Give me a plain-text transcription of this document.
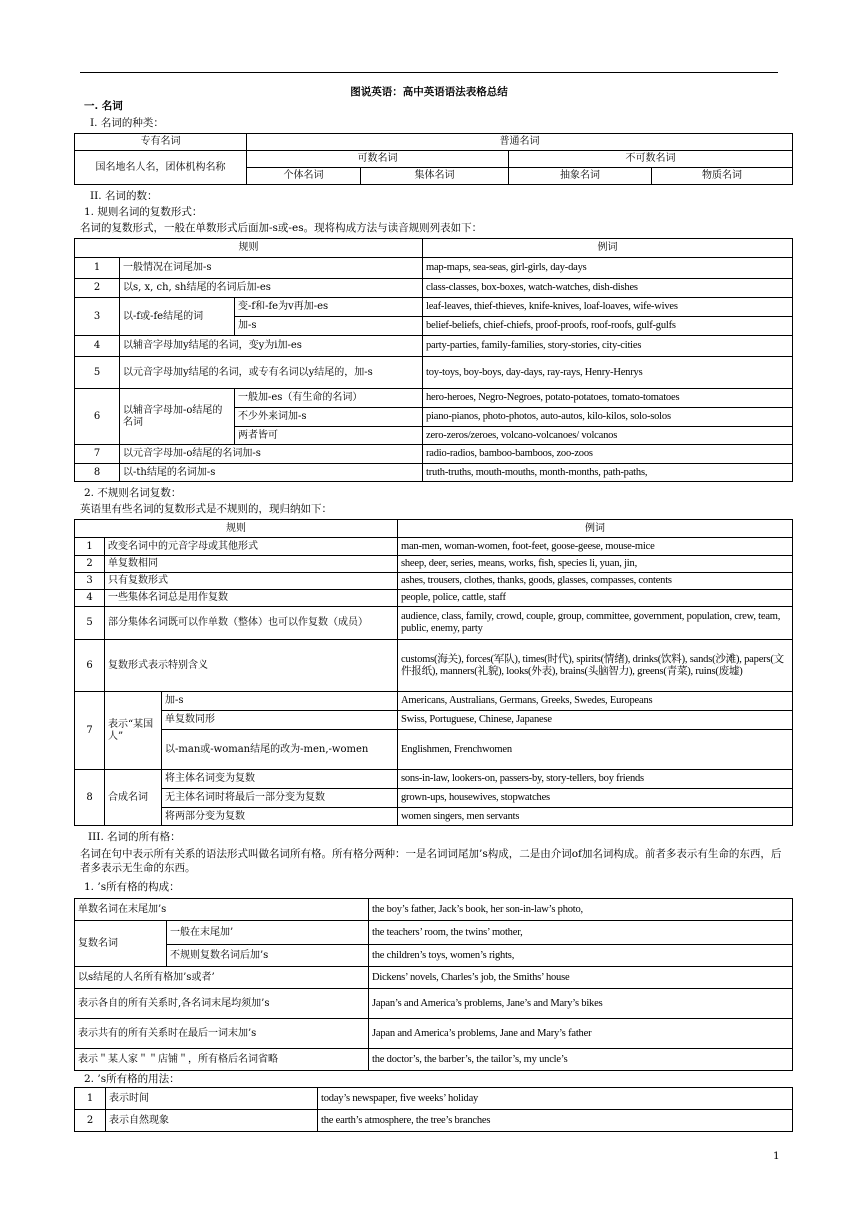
图说英语：高中英语语法表格总结
一. 名词
I. 名词的种类：
专有名词	普通名词			
国名地名人名，团体机构名称	可数名词		不可数名词	
	个体名词	集体名词	抽象名词	物质名词
II. 名词的数：
1. 规则名词的复数形式：
名词的复数形式，一般在单数形式后面加-s或-es。现将构成方法与读音规则列表如下：
规则			例词
1	一般情况在词尾加-s		map-maps, sea-seas, girl-girls, day-days
2	以s, x, ch, sh结尾的名词后加-es		class-classes, box-boxes, watch-watches, dish-dishes
3	以-f或-fe结尾的词	变-f和-fe为v再加-es	leaf-leaves, thief-thieves, knife-knives, loaf-loaves, wife-wives
		加-s	belief-beliefs, chief-chiefs, proof-proofs, roof-roofs, gulf-gulfs
4	以辅音字母加y结尾的名词，变y为i加-es		party-parties, family-families, story-stories, city-cities
5	以元音字母加y结尾的名词，或专有名词以y结尾的，加-s		toy-toys, boy-boys, day-days, ray-rays, Henry-Henrys
6	以辅音字母加-o结尾的名词	一般加-es（有生命的名词）	hero-heroes, Negro-Negroes, potato-potatoes, tomato-tomatoes
		不少外来词加-s	piano-pianos, photo-photos, auto-autos, kilo-kilos, solo-solos
		两者皆可	zero-zeros/zeroes, volcano-volcanoes/ volcanos
7	以元音字母加-o结尾的名词加-s		radio-radios, bamboo-bamboos, zoo-zoos
8	以-th结尾的名词加-s		truth-truths, mouth-mouths, month-months, path-paths,
2. 不规则名词复数：
英语里有些名词的复数形式是不规则的，现归纳如下：
规则			例词
1	改变名词中的元音字母或其他形式		man-men, woman-women, foot-feet, goose-geese, mouse-mice
2	单复数相同		sheep, deer, series, means, works, fish, species li, yuan, jin,
3	只有复数形式		ashes, trousers, clothes, thanks, goods, glasses, compasses, contents
4	一些集体名词总是用作复数		people, police, cattle, staff
5	部分集体名词既可以作单数（整体）也可以作复数（成员）		audience, class, family, crowd, couple, group, committee, government, population, crew, team, public, enemy, party
6	复数形式表示特别含义		customs(海关), forces(军队), times(时代), spirits(情绪), drinks(饮料), sands(沙滩), papers(文件报纸), manners(礼貌), looks(外表), brains(头脑智力), greens(青菜), ruins(废墟)
7	表示“某国人”	加-s	Americans, Australians, Germans, Greeks, Swedes, Europeans
		单复数同形	Swiss, Portuguese, Chinese, Japanese
		以-man或-woman结尾的改为-men,-women	Englishmen, Frenchwomen
8	合成名词	将主体名词变为复数	sons-in-law, lookers-on, passers-by, story-tellers, boy friends
		无主体名词时将最后一部分变为复数	grown-ups, housewives, stopwatches
		将两部分变为复数	women singers, men servants
III. 名词的所有格：
名词在句中表示所有关系的语法形式叫做名词所有格。所有格分两种：一是名词词尾加’s构成，二是由介词of加名词构成。前者多表示有生命的东西，后者多表示无生命的东西。
1. ’s所有格的构成：
单数名词在末尾加’s		the boy’s father, Jack’s book, her son-in-law’s photo,
复数名词	一般在末尾加’	the teachers’ room, the twins’ mother,
	不规则复数名词后加’s	the children’s toys, women’s rights,
以s结尾的人名所有格加’s或者’		Dickens’ novels, Charles’s job, the Smiths’ house
表示各自的所有关系时,各名词末尾均须加’s		Japan’s and America’s problems, Jane’s and Mary’s bikes
表示共有的所有关系时在最后一词末加’s		Japan and America’s problems, Jane and Mary’s father
表示＂某人家＂＂店铺＂，所有格后名词省略		the doctor’s, the barber’s, the tailor’s, my uncle’s
2. ’s所有格的用法：
1	表示时间	today’s newspaper, five weeks’ holiday
2	表示自然现象	the earth’s atmosphere, the tree’s branches
1
